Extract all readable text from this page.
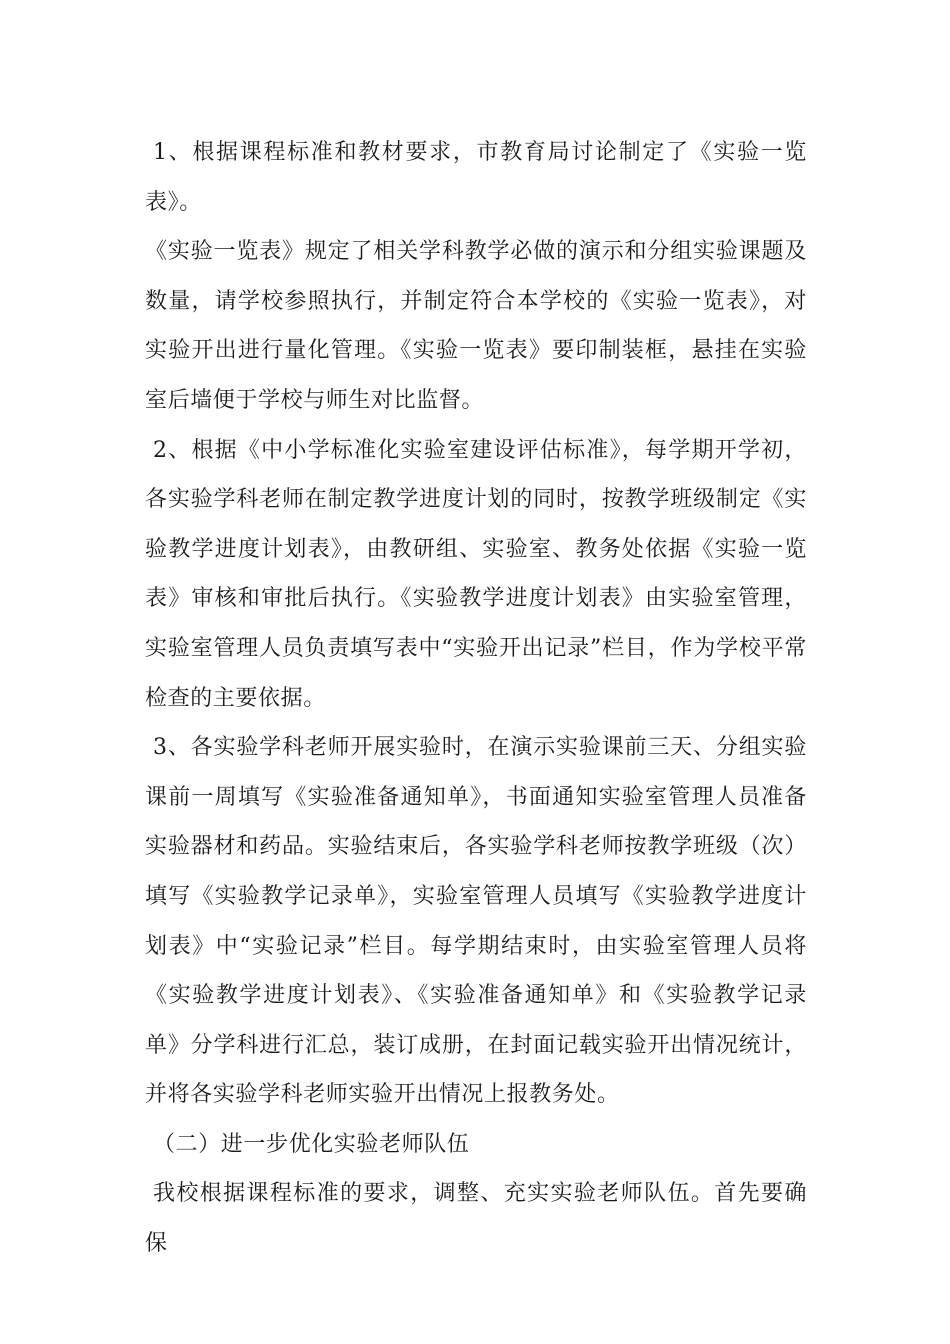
1、根据课程标准和教材要求，市教育局讨论制定了《实验一览表》。

《实验一览表》规定了相关学科教学必做的演示和分组实验课题及数量，请学校参照执行，并制定符合本学校的《实验一览表》，对实验开出进行量化管理。《实验一览表》要印制装框，悬挂在实验室后墙便于学校与师生对比监督。

2、根据《中小学标准化实验室建设评估标准》，每学期开学初，各实验学科老师在制定教学进度计划的同时，按教学班级制定《实验教学进度计划表》，由教研组、实验室、教务处依据《实验一览表》审核和审批后执行。《实验教学进度计划表》由实验室管理，实验室管理人员负责填写表中“实验开出记录”栏目，作为学校平常检查的主要依据。

3、各实验学科老师开展实验时，在演示实验课前三天、分组实验课前一周填写《实验准备通知单》，书面通知实验室管理人员准备实验器材和药品。实验结束后，各实验学科老师按教学班级（次）填写《实验教学记录单》，实验室管理人员填写《实验教学进度计划表》中“实验记录”栏目。每学期结束时，由实验室管理人员将《实验教学进度计划表》、《实验准备通知单》和《实验教学记录单》分学科进行汇总，装订成册，在封面记载实验开出情况统计，并将各实验学科老师实验开出情况上报教务处。

（二）进一步优化实验老师队伍

我校根据课程标准的要求，调整、充实实验老师队伍。首先要确保
